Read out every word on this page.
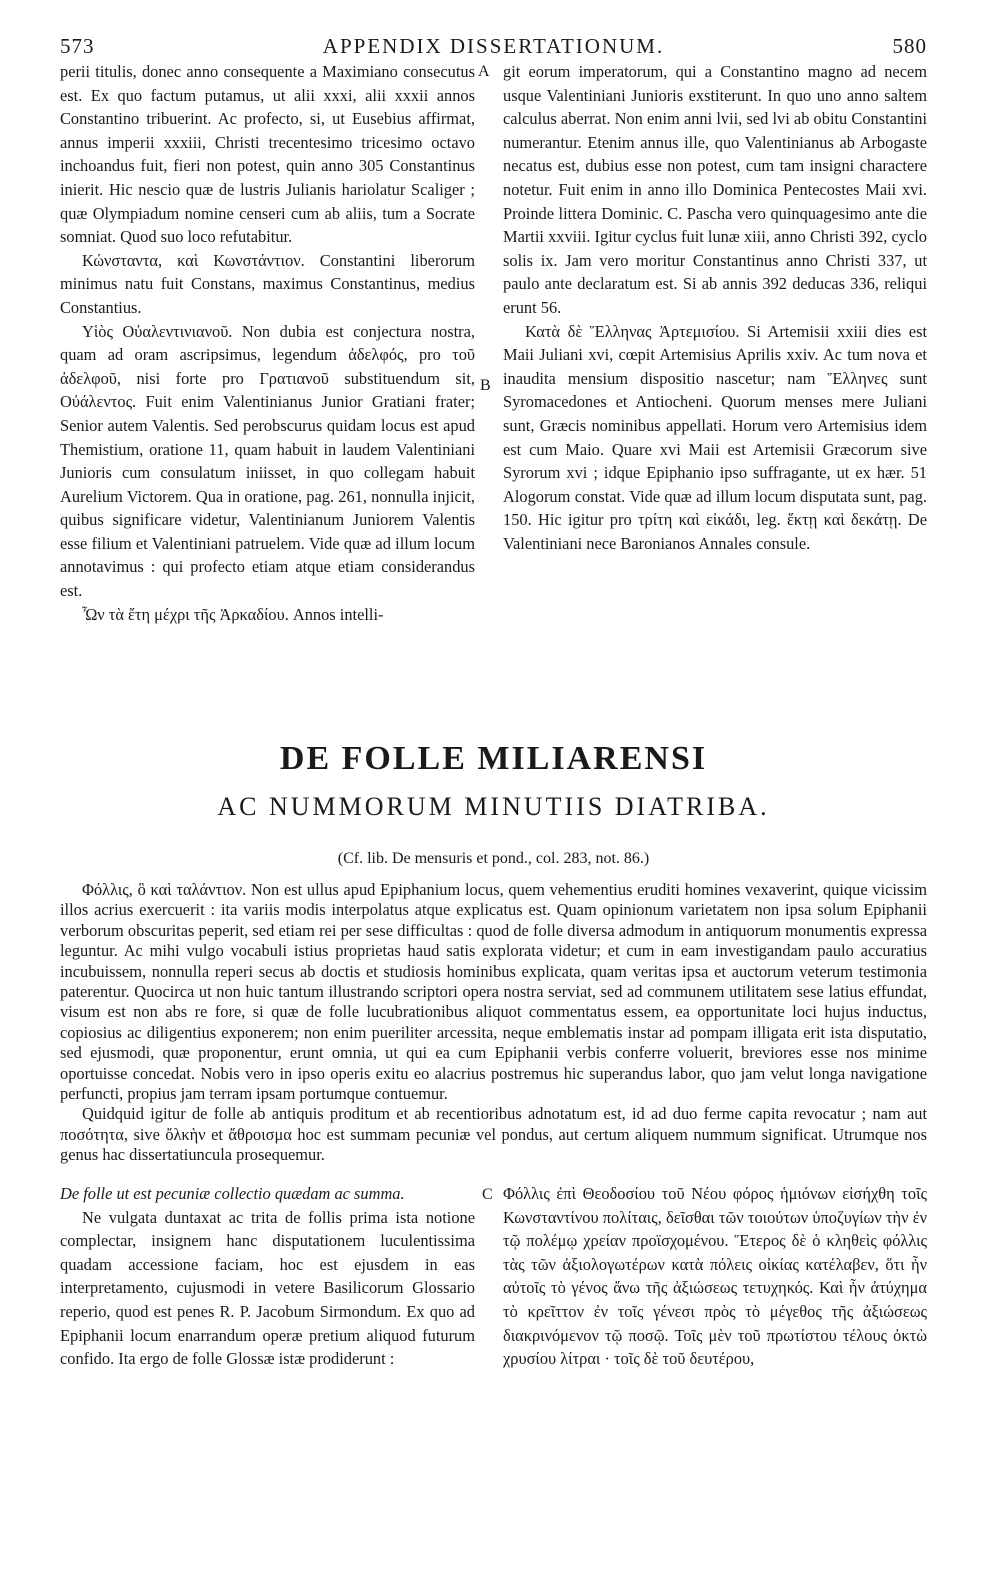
573	APPENDIX DISSERTATIONUM.	580

perii titulis, donec anno consequente a Maximiano consecutus est. Ex quo factum putamus, ut alii xxxi, alii xxxii annos Constantino tribuerint. Ac profecto, si, ut Eusebius affirmat, annus imperii xxxiii, Christi trecentesimo tricesimo octavo inchoandus fuit, fieri non potest, quin anno 305 Constantinus inierit. Hic nescio quæ de lustris Julianis hariolatur Scaliger ; quæ Olympiadum nomine censeri cum ab aliis, tum a Socrate somniat. Quod suo loco refutabitur.

Κώνσταντα, καὶ Κωνστάντιον. Constantini liberorum minimus natu fuit Constans, maximus Constantinus, medius Constantius.

Υἱὸς Οὐαλεντινιανοῦ. Non dubia est conjectura nostra, quam ad oram ascripsimus, legendum ἀδελφός, pro τοῦ ἀδελφοῦ, nisi forte pro Γρατιανοῦ substituendum sit, Οὐάλεντος. Fuit enim Valentinianus Junior Gratiani frater; Senior autem Valentis. Sed perobscurus quidam locus est apud Themistium, oratione 11, quam habuit in laudem Valentiniani Junioris cum consulatum iniisset, in quo collegam habuit Aurelium Victorem. Qua in oratione, pag. 261, nonnulla injicit, quibus significare videtur, Valentinianum Juniorem Valentis esse filium et Valentiniani patruelem. Vide quæ ad illum locum annotavimus : qui profecto etiam atque etiam considerandus est.

Ὦν τὰ ἔτη μέχρι τῆς Ἀρκαδίου. Annos intelli-

A
B

git eorum imperatorum, qui a Constantino magno ad necem usque Valentiniani Junioris exstiterunt. In quo uno anno saltem calculus aberrat. Non enim anni lvii, sed lvi ab obitu Constantini numerantur. Etenim annus ille, quo Valentinianus ab Arbogaste necatus est, dubius esse non potest, cum tam insigni charactere notetur. Fuit enim in anno illo Dominica Pentecostes Maii xvi. Proinde littera Dominic. C. Pascha vero quinquagesimo ante die Martii xxviii. Igitur cyclus fuit lunæ xiii, anno Christi 392, cyclo solis ix. Jam vero moritur Constantinus anno Christi 337, ut paulo ante declaratum est. Si ab annis 392 deducas 336, reliqui erunt 56.

Κατὰ δὲ Ἕλληνας Ἀρτεμισίου. Si Artemisii xxiii dies est Maii Juliani xvi, cœpit Artemisius Aprilis xxiv. Ac tum nova et inaudita mensium dispositio nascetur; nam Ἕλληνες sunt Syromacedones et Antiocheni. Quorum menses mere Juliani sunt, Græcis nominibus appellati. Horum vero Artemisius idem est cum Maio. Quare xvi Maii est Artemisii Græcorum sive Syrorum xvi ; idque Epiphanio ipso suffragante, ut ex hær. 51 Alogorum constat. Vide quæ ad illum locum disputata sunt, pag. 150. Hic igitur pro τρίτη καὶ εἰκάδι, leg. ἕκτῃ καὶ δεκάτῃ. De Valentiniani nece Baronianos Annales consule.

DE FOLLE MILIARENSI
AC NUMMORUM MINUTIIS DIATRIBA.
(Cf. lib. De mensuris et pond., col. 283, not. 86.)

Φόλλις, ὃ καὶ ταλάντιον. Non est ullus apud Epiphanium locus, quem vehementius eruditi homines vexaverint, quique vicissim illos acrius exercuerit : ita variis modis interpolatus atque explicatus est. Quam opinionum varietatem non ipsa solum Epiphanii verborum obscuritas peperit, sed etiam rei per sese difficultas : quod de folle diversa admodum in antiquorum monumentis expressa leguntur. Ac mihi vulgo vocabuli istius proprietas haud satis explorata videtur; et cum in eam investigandam paulo accuratius incubuissem, nonnulla reperi secus ab doctis et studiosis hominibus explicata, quam veritas ipsa et auctorum veterum testimonia paterentur. Quocirca ut non huic tantum illustrando scriptori opera nostra serviat, sed ad communem utilitatem sese latius effundat, visum est non abs re fore, si quæ de folle lucubrationibus aliquot commentatus essem, ea opportunitate loci hujus inductus, copiosius ac diligentius exponerem; non enim pueriliter arcessita, neque emblematis instar ad pompam illigata erit ista disputatio, sed ejusmodi, quæ proponentur, erunt omnia, ut qui ea cum Epiphanii verbis conferre voluerit, breviores esse nos minime oportuisse concedat. Nobis vero in ipso operis exitu eo alacrius postremus hic superandus labor, quo jam velut longa navigatione perfuncti, propius jam terram ipsam portumque contuemur.

Quidquid igitur de folle ab antiquis proditum et ab recentioribus adnotatum est, id ad duo ferme capita revocatur ; nam aut ποσότητα, sive ὄλκὴν et ἄθροισμα hoc est summam pecuniæ vel pondus, aut certum aliquem nummum significat. Utrumque nos genus hac dissertatiuncula prosequemur.

De folle ut est pecuniæ collectio quædam ac summa.

Ne vulgata duntaxat ac trita de follis prima ista notione complectar, insignem hanc disputationem luculentissima quadam accessione faciam, hoc est ejusdem in eas interpretamento, cujusmodi in vetere Basilicorum Glossario reperio, quod est penes R. P. Jacobum Sirmondum. Ex quo ad Epiphanii locum enarrandum operæ pretium aliquod futurum confido. Ita ergo de folle Glossæ istæ prodiderunt :

C Φόλλις ἐπὶ Θεοδοσίου τοῦ Νέου φόρος ἡμιόνων εἰσήχθη τοῖς Κωνσταντίνου πολίταις, δεῖσθαι τῶν τοιούτων ὑποζυγίων τὴν ἐν τῷ πολέμῳ χρείαν προϊσχομένου. Ἕτερος δὲ ὁ κληθεὶς φόλλις τὰς τῶν ἀξιολογωτέρων κατὰ πόλεις οἰκίας κατέλαβεν, ὅτι ἦν αὐτοῖς τὸ γένος ἄνω τῆς ἀξιώσεως τετυχηκός. Καὶ ἦν ἀτύχημα τὸ κρεῖττον ἐν τοῖς γένεσι πρὸς τὸ μέγεθος τῆς ἀξιώσεως διακρινόμενον τῷ ποσῷ. Τοῖς μὲν τοῦ πρωτίστου τέλους ὀκτὼ χρυσίου λίτραι · τοῖς δὲ τοῦ δευτέρου,
